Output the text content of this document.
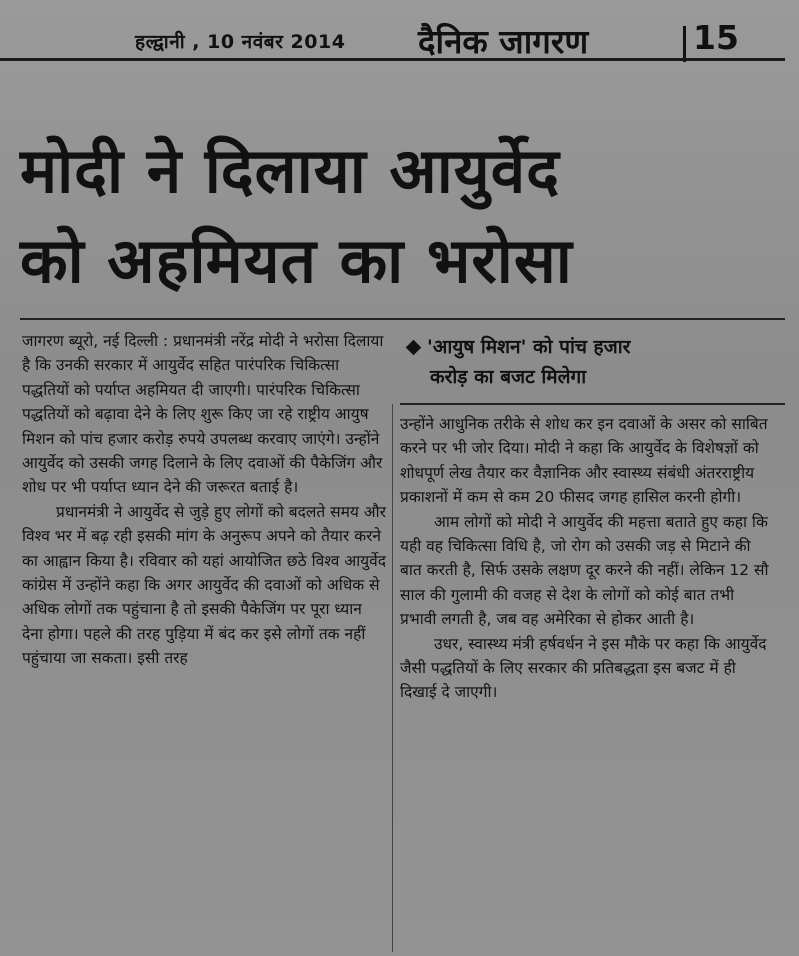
हल्द्वानी , 10 नवंबर 2014 दैनिक जागरण	15
मोदी ने दिलाया आयुर्वेद
को अहमियत का भरोसा

जागरण ब्यूरो, नई दिल्ली : प्रधानमंत्री नरेंद्र मोदी ने भरोसा दिलाया है कि उनकी सरकार में आयुर्वेद सहित पारंपरिक चिकित्सा पद्धतियों को पर्याप्त अहमियत दी जाएगी। पारंपरिक चिकित्सा पद्धतियों को बढ़ावा देने के लिए शुरू किए जा रहे राष्ट्रीय आयुष मिशन को पांच हजार करोड़ रुपये उपलब्ध करवाए जाएंगे। उन्होंने आयुर्वेद को उसकी जगह दिलाने के लिए दवाओं की पैकेजिंग और शोध पर भी पर्याप्त ध्यान देने की जरूरत बताई है।

प्रधानमंत्री ने आयुर्वेद से जुड़े हुए लोगों को बदलते समय और विश्व भर में बढ़ रही इसकी मांग के अनुरूप अपने को तैयार करने का आह्वान किया है। रविवार को यहां आयोजित छठे विश्व आयुर्वेद कांग्रेस में उन्होंने कहा कि अगर आयुर्वेद की दवाओं को अधिक से अधिक लोगों तक पहुंचाना है तो इसकी पैकेजिंग पर पूरा ध्यान देना होगा। पहले की तरह पुड़िया में बंद कर इसे लोगों तक नहीं पहुंचाया जा सकता। इसी तरह

'आयुष मिशन' को पांच हजार
करोड़ का बजट मिलेगा

उन्होंने आधुनिक तरीके से शोध कर इन दवाओं के असर को साबित करने पर भी जोर दिया। मोदी ने कहा कि आयुर्वेद के विशेषज्ञों को शोधपूर्ण लेख तैयार कर वैज्ञानिक और स्वास्थ्य संबंधी अंतरराष्ट्रीय प्रकाशनों में कम से कम 20 फीसद जगह हासिल करनी होगी।

आम लोगों को मोदी ने आयुर्वेद की महत्ता बताते हुए कहा कि यही वह चिकित्सा विधि है, जो रोग को उसकी जड़ से मिटाने की बात करती है, सिर्फ उसके लक्षण दूर करने की नहीं। लेकिन 12 सौ साल की गुलामी की वजह से देश के लोगों को कोई बात तभी प्रभावी लगती है, जब वह अमेरिका से होकर आती है।

उधर, स्वास्थ्य मंत्री हर्षवर्धन ने इस मौके पर कहा कि आयुर्वेद जैसी पद्धतियों के लिए सरकार की प्रतिबद्धता इस बजट में ही दिखाई दे जाएगी।
